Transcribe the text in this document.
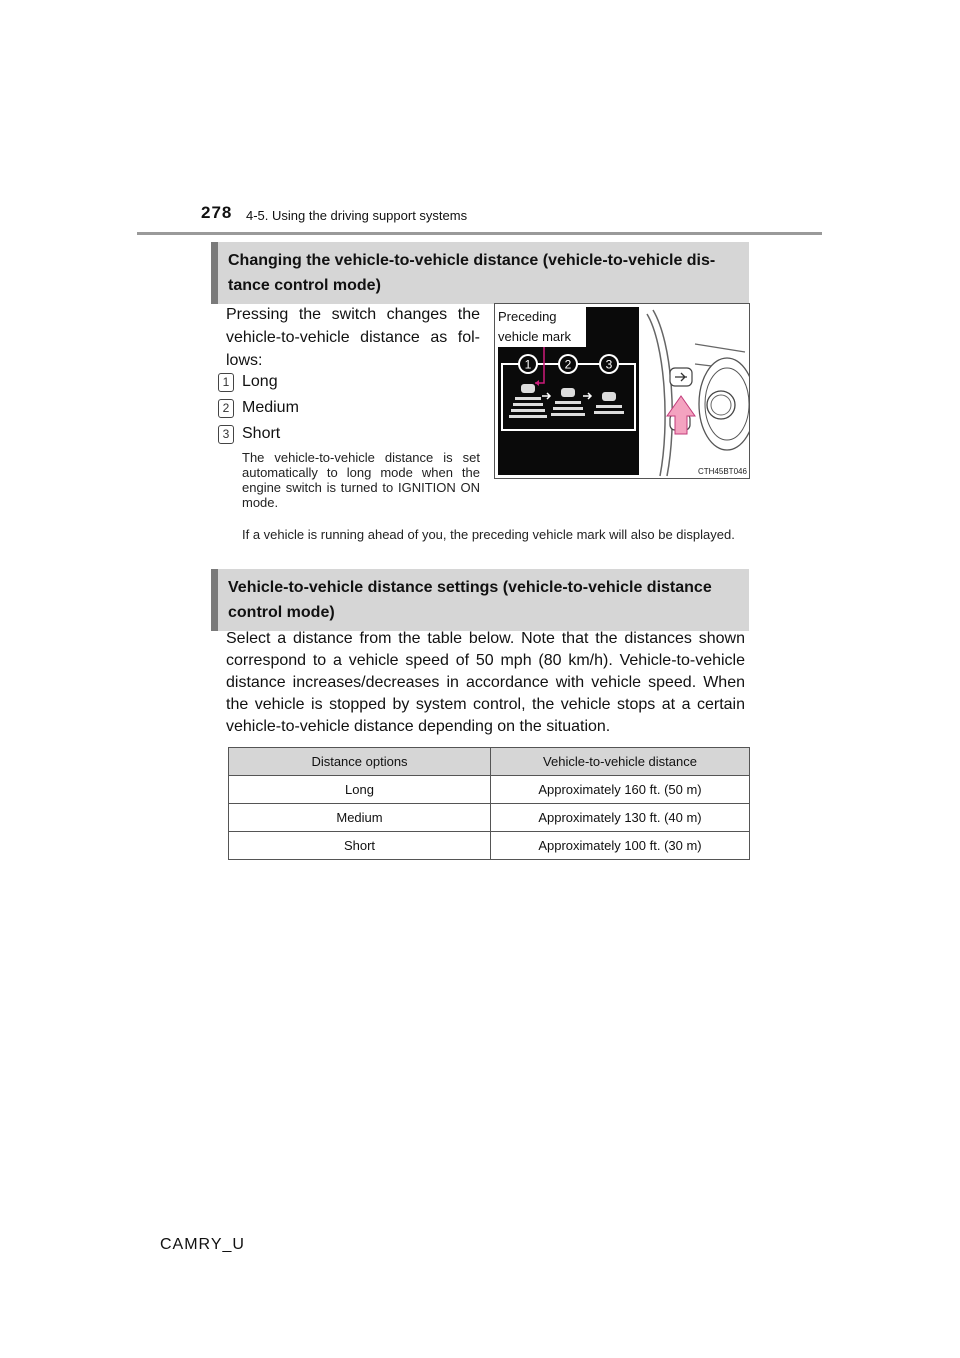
278 4-5. Using the driving support systems
Changing the vehicle-to-vehicle distance (vehicle-to-vehicle dis-
tance control mode)
Pressing the switch changes the vehicle-to-vehicle distance as fol-lows:
1 Long
2 Medium
3 Short
The vehicle-to-vehicle distance is set automatically to long mode when the engine switch is turned to IGNITION ON mode.
If a vehicle is running ahead of you, the preceding vehicle mark will also be displayed.
1	2	3
Preceding
vehicle mark
CTH45BT046
Vehicle-to-vehicle distance settings (vehicle-to-vehicle distance
control mode)
Select a distance from the table below. Note that the distances shown correspond to a vehicle speed of 50 mph (80 km/h). Vehicle-to-vehicle distance increases/decreases in accordance with vehicle speed. When the vehicle is stopped by system control, the vehicle stops at a certain vehicle-to-vehicle distance depending on the situation.
Distance options	Vehicle-to-vehicle distance
Long	Approximately 160 ft. (50 m)
Medium	Approximately 130 ft. (40 m)
Short	Approximately 100 ft. (30 m)
CAMRY_U
